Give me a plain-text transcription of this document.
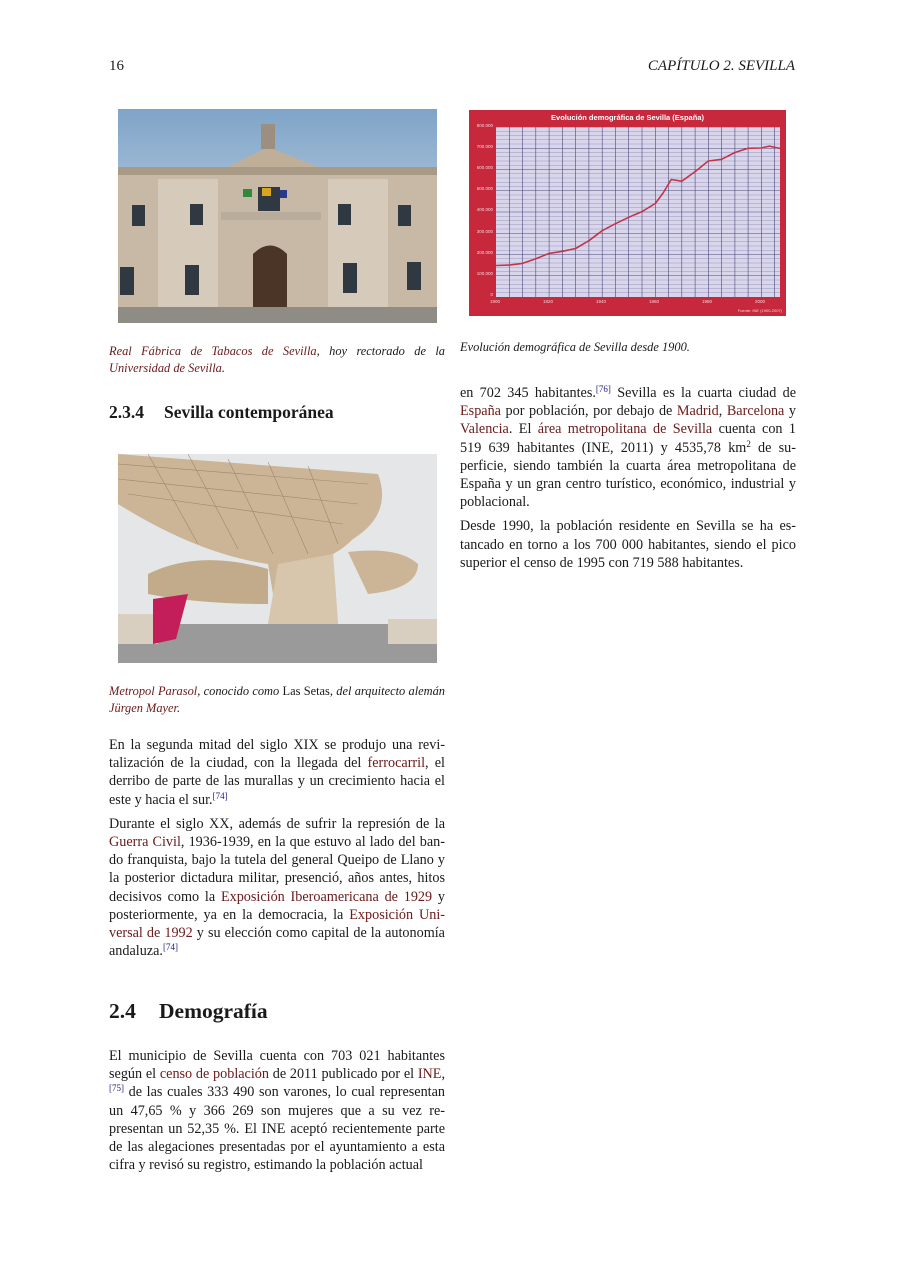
16	CAPÍTULO 2. SEVILLA
Real Fábrica de Tabacos de Sevilla, hoy rectorado de la Universidad de Sevilla.
Evolución demográfica de Sevilla (España)
800.000
700.000
600.000
500.000
400.000
300.000
200.000
100.000
0
1900	1920	1940	1960	1980	2000
Fuente: INE (1900-2007)
Evolución demográfica de Sevilla desde 1900.
2.3.4 Sevilla contemporánea
Metropol Parasol, conocido como Las Setas, del arquitecto alemán Jürgen Mayer.

En la segunda mitad del siglo XIX se produjo una revitalización de la ciudad, con la llegada del ferrocarril, el derribo de parte de las murallas y un crecimiento hacia el este y hacia el sur.[74]

Durante el siglo XX, además de sufrir la represión de la Guerra Civil, 1936-1939, en la que estuvo al lado del bando franquista, bajo la tutela del general Queipo de Llano y la posterior dictadura militar, presenció, años antes, hitos decisivos como la Exposición Iberoamericana de 1929 y posteriormente, ya en la democracia, la Exposición Universal de 1992 y su elección como capital de la autonomía andaluza.[74]

2.4 Demografía

El municipio de Sevilla cuenta con 703 021 habitantes según el censo de población de 2011 publicado por el INE,[75] de las cuales 333 490 son varones, lo cual representan un 47,65 % y 366 269 son mujeres que a su vez representan un 52,35 %. El INE aceptó recientemente parte de las alegaciones presentadas por el ayuntamiento a esta cifra y revisó su registro, estimando la población actual

en 702 345 habitantes.[76] Sevilla es la cuarta ciudad de España por población, por debajo de Madrid, Barcelona y Valencia. El área metropolitana de Sevilla cuenta con 1 519 639 habitantes (INE, 2011) y 4535,78 $km^2$ de superficie, siendo también la cuarta área metropolitana de España y un gran centro turístico, económico, industrial y poblacional.

Desde 1990, la población residente en Sevilla se ha estancado en torno a los 700 000 habitantes, siendo el pico superior el censo de 1995 con 719 588 habitantes.
